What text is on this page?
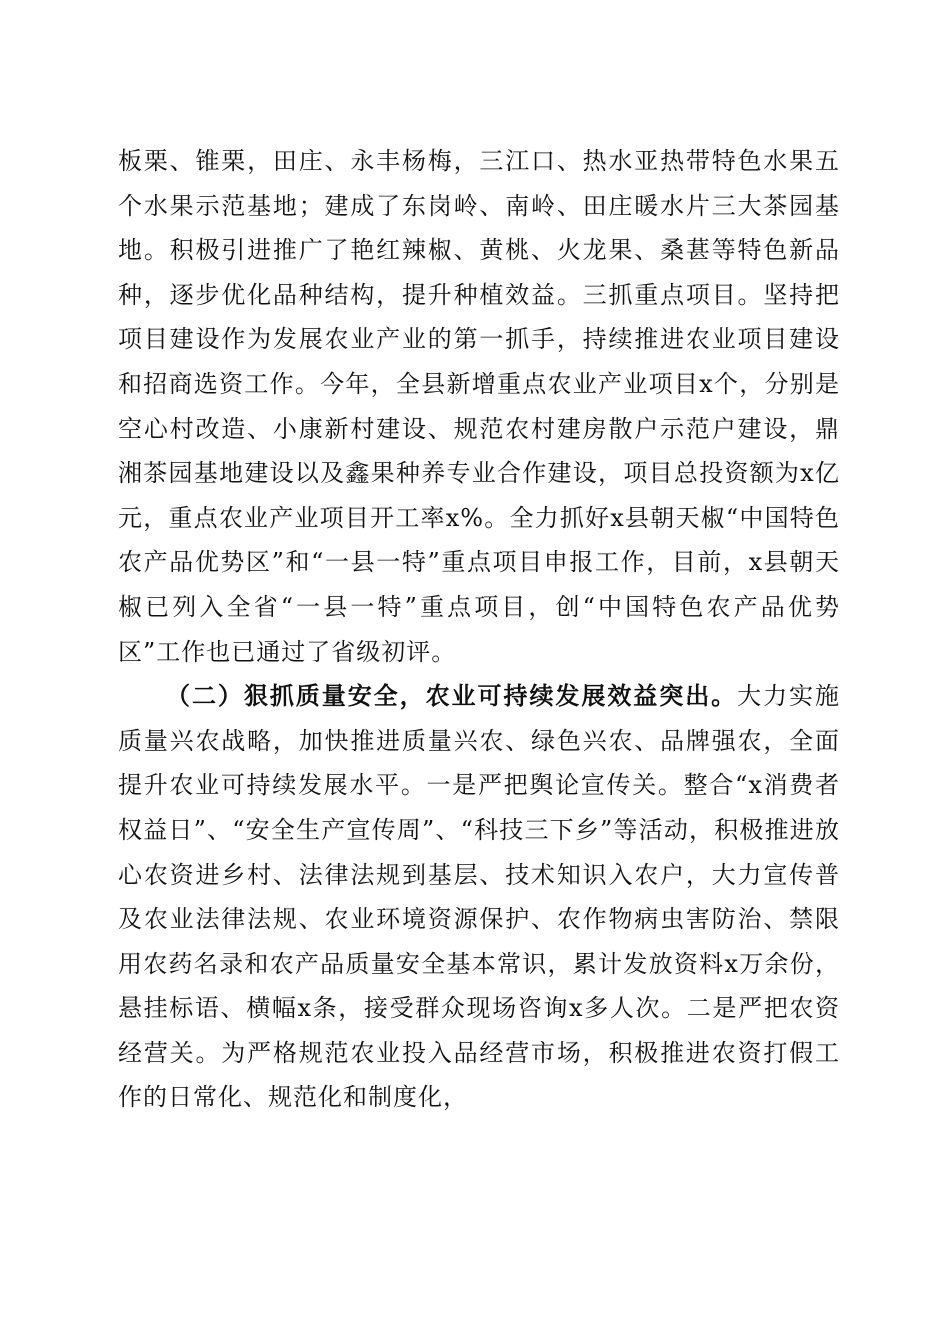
板栗、锥栗，田庄、永丰杨梅，三江口、热水亚热带特色水果五个水果示范基地；建成了东岗岭、南岭、田庄暖水片三大茶园基地。积极引进推广了艳红辣椒、黄桃、火龙果、桑葚等特色新品种，逐步优化品种结构，提升种植效益。三抓重点项目。坚持把项目建设作为发展农业产业的第一抓手，持续推进农业项目建设和招商选资工作。今年，全县新增重点农业产业项目x个，分别是空心村改造、小康新村建设、规范农村建房散户示范户建设，鼎湘茶园基地建设以及鑫果种养专业合作建设，项目总投资额为x亿元，重点农业产业项目开工率x%。全力抓好x县朝天椒“中国特色农产品优势区”和“一县一特”重点项目申报工作，目前，x县朝天椒已列入全省“一县一特”重点项目，创“中国特色农产品优势区”工作也已通过了省级初评。

（二）狠抓质量安全，农业可持续发展效益突出。大力实施质量兴农战略，加快推进质量兴农、绿色兴农、品牌强农，全面提升农业可持续发展水平。一是严把舆论宣传关。整合“x消费者权益日”、“安全生产宣传周”、“科技三下乡”等活动，积极推进放心农资进乡村、法律法规到基层、技术知识入农户，大力宣传普及农业法律法规、农业环境资源保护、农作物病虫害防治、禁限用农药名录和农产品质量安全基本常识，累计发放资料x万余份，悬挂标语、横幅x条，接受群众现场咨询x多人次。二是严把农资经营关。为严格规范农业投入品经营市场，积极推进农资打假工作的日常化、规范化和制度化，
